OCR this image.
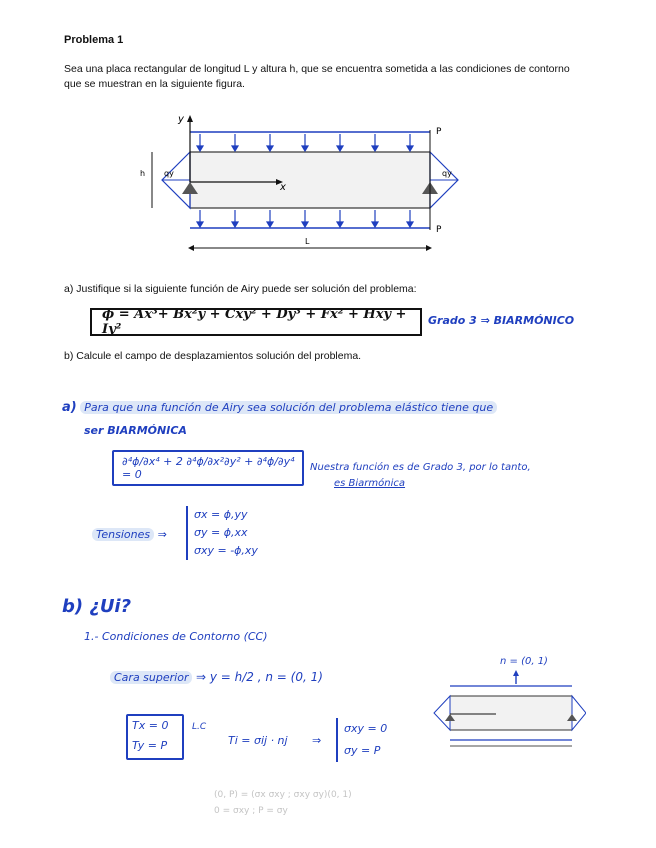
Problema 1
Sea una placa rectangular de longitud L y altura h, que se encuentra sometida a las condiciones de contorno que se muestran en la siguiente figura.
y
x
P
P
h
L
qy	qy
a) Justifique si la siguiente función de Airy puede ser solución del problema:
ϕ = Ax³+ Bx²y + Cxy² + Dy³ + Fx² + Hxy + Iy²
Grado 3 ⇒ BIARMÓNICO
b) Calcule el campo de desplazamientos solución del problema.
a) Para que una función de Airy sea solución del problema elástico tiene que
ser BIARMÓNICA
∂⁴ϕ/∂x⁴ + 2 ∂⁴ϕ/∂x²∂y² + ∂⁴ϕ/∂y⁴ = 0
Nuestra función es de Grado 3, por lo tanto,
es Biarmónica
Tensiones ⇒
σx = ϕ,yy
σy = ϕ,xx
σxy = -ϕ,xy
b) ¿Ui?
1.- Condiciones de Contorno (CC)
Cara superior ⇒ y = h/2 , n = (0, 1)
Tx = 0
Ty = P
L.C
Ti = σij · nj ⇒
σxy = 0
σy = P
(0, P) = (σx σxy ; σxy σy)(0, 1)
0 = σxy ; P = σy
n = (0, 1)
